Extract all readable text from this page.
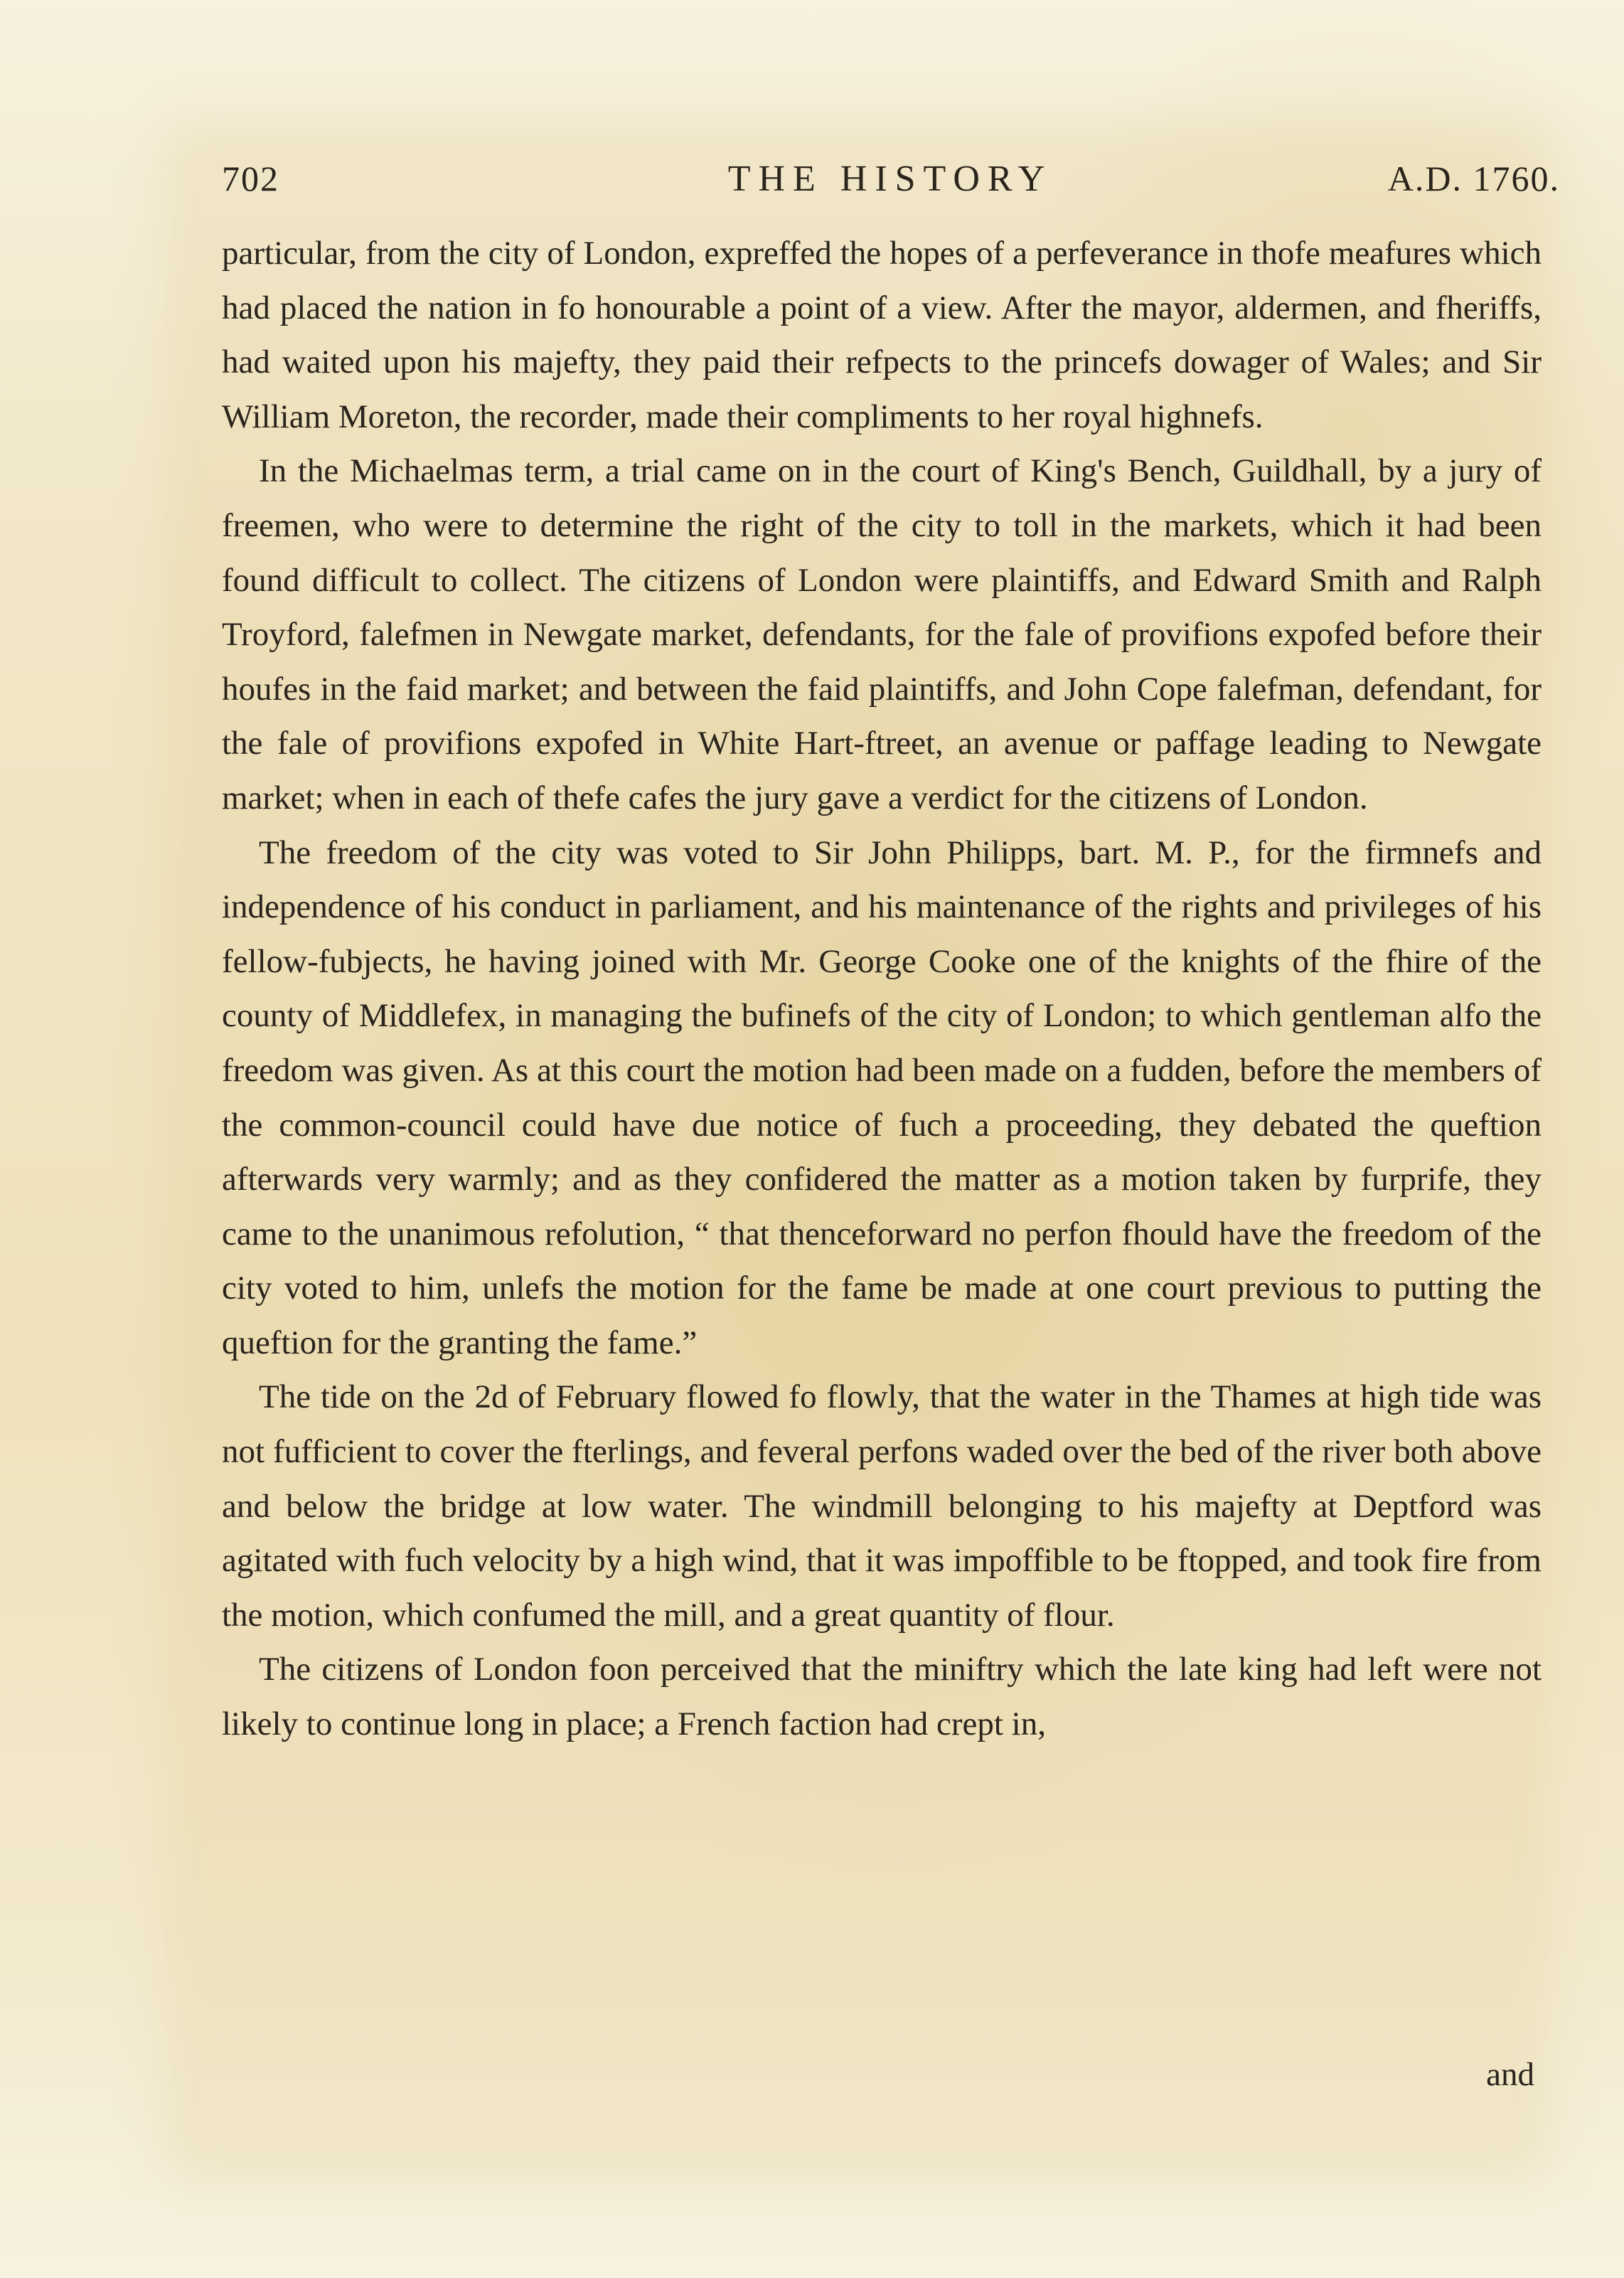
702	THE HISTORY	A.D. 1760.

particular, from the city of London, expreffed the hopes of a perfeverance in thofe meafures which had placed the nation in fo honourable a point of a view. After the mayor, aldermen, and fheriffs, had waited upon his majefty, they paid their refpects to the princefs dowager of Wales; and Sir William Moreton, the recorder, made their compliments to her royal highnefs.

In the Michaelmas term, a trial came on in the court of King's Bench, Guildhall, by a jury of freemen, who were to determine the right of the city to toll in the markets, which it had been found difficult to collect. The citizens of London were plaintiffs, and Edward Smith and Ralph Troyford, falefmen in Newgate market, defendants, for the fale of provifions expofed before their houfes in the faid market; and between the faid plaintiffs, and John Cope falefman, defendant, for the fale of provifions expofed in White Hart-ftreet, an avenue or paffage leading to Newgate market; when in each of thefe cafes the jury gave a verdict for the citizens of London.

The freedom of the city was voted to Sir John Philipps, bart. M. P., for the firmnefs and independence of his conduct in parliament, and his maintenance of the rights and privileges of his fellow-fubjects, he having joined with Mr. George Cooke one of the knights of the fhire of the county of Middlefex, in managing the bufinefs of the city of London; to which gentleman alfo the freedom was given. As at this court the motion had been made on a fudden, before the members of the common-council could have due notice of fuch a proceeding, they debated the queftion afterwards very warmly; and as they confidered the matter as a motion taken by furprife, they came to the unanimous refolution, “ that thenceforward no perfon fhould have the freedom of the city voted to him, unlefs the motion for the fame be made at one court previous to putting the queftion for the granting the fame.”

The tide on the 2d of February flowed fo flowly, that the water in the Thames at high tide was not fufficient to cover the fterlings, and feveral perfons waded over the bed of the river both above and below the bridge at low water. The windmill belonging to his majefty at Deptford was agitated with fuch velocity by a high wind, that it was impoffible to be ftopped, and took fire from the motion, which confumed the mill, and a great quantity of flour.

The citizens of London foon perceived that the miniftry which the late king had left were not likely to continue long in place; a French faction had crept in,

and
